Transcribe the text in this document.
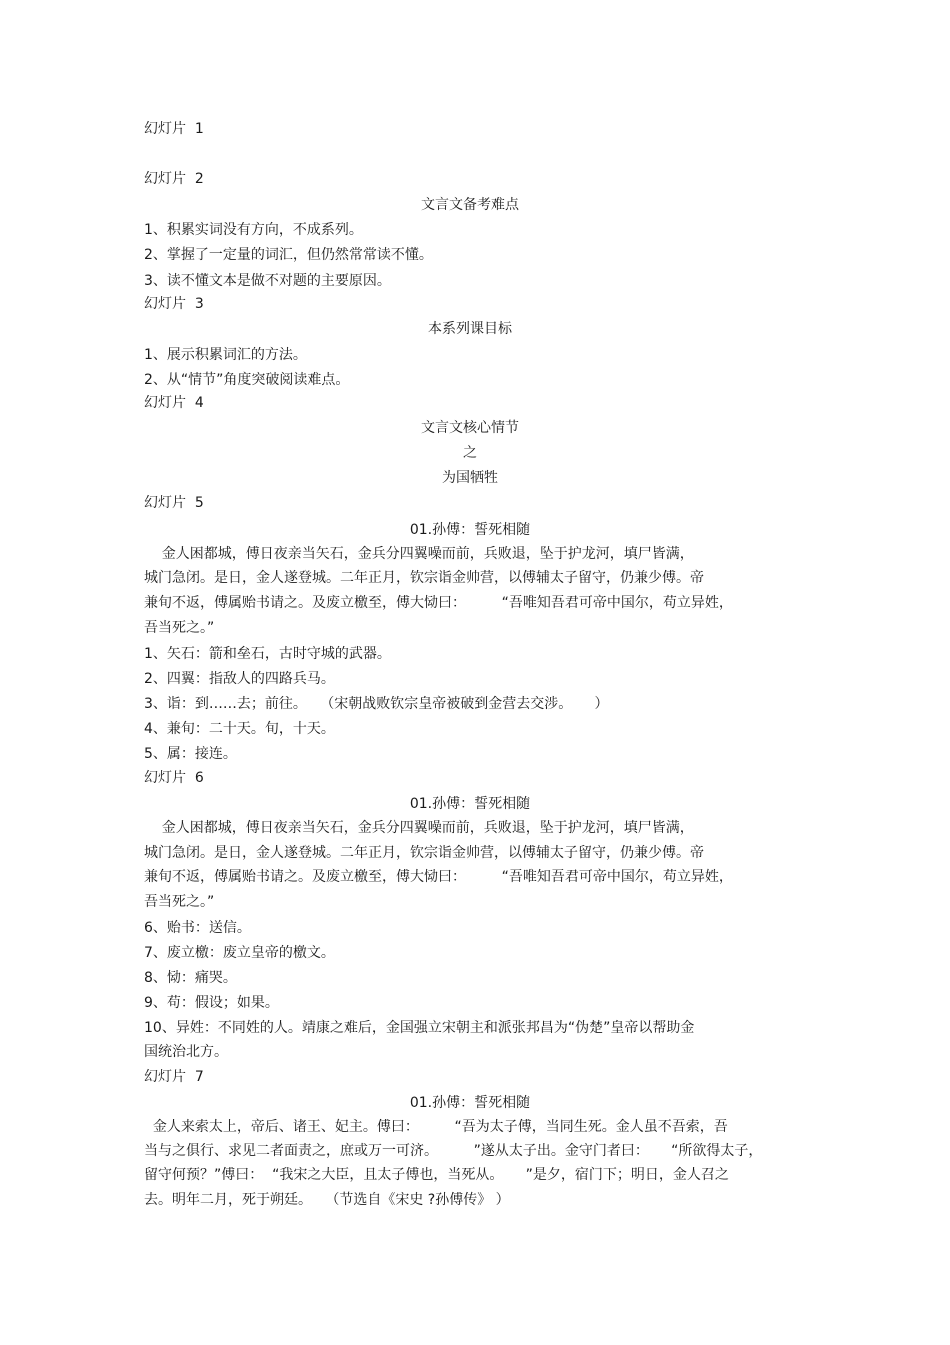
幻灯片  1
幻灯片  2
文言文备考难点
1、积累实词没有方向，不成系列。
2、掌握了一定量的词汇，但仍然常常读不懂。
3、读不懂文本是做不对题的主要原因。
幻灯片  3
本系列课目标
1、展示积累词汇的方法。
2、从“情节”角度突破阅读难点。
幻灯片  4
文言文核心情节
之
为国牺牲
幻灯片  5
01.孙傅：誓死相随
金人困都城，傅日夜亲当矢石，金兵分四翼噪而前，兵败退，坠于护龙河，填尸皆满，
城门急闭。是日，金人遂登城。二年正月，钦宗诣金帅营，以傅辅太子留守，仍兼少傅。帝
兼旬不返，傅属贻书请之。及废立檄至，傅大恸曰：        “吾唯知吾君可帝中国尔，苟立异姓，
吾当死之。”
1、矢石：箭和垒石，古时守城的武器。
2、四翼：指敌人的四路兵马。
3、诣：到……去；前往。   （宋朝战败钦宗皇帝被破到金营去交涉。     ）
4、兼旬：二十天。旬，十天。
5、属：接连。
幻灯片  6
01.孙傅：誓死相随
金人困都城，傅日夜亲当矢石，金兵分四翼噪而前，兵败退，坠于护龙河，填尸皆满，
城门急闭。是日，金人遂登城。二年正月，钦宗诣金帅营，以傅辅太子留守，仍兼少傅。帝
兼旬不返，傅属贻书请之。及废立檄至，傅大恸曰：        “吾唯知吾君可帝中国尔，苟立异姓，
吾当死之。”
6、贻书：送信。
7、废立檄：废立皇帝的檄文。
8、恸：痛哭。
9、苟：假设；如果。
10、异姓：不同姓的人。靖康之难后，金国强立宋朝主和派张邦昌为“伪楚”皇帝以帮助金
国统治北方。
幻灯片  7
01.孙傅：誓死相随
金人来索太上，帝后、诸王、妃主。傅曰：        “吾为太子傅，当同生死。金人虽不吾索，吾
当与之俱行、求见二者面责之，庶或万一可济。        ”遂从太子出。金守门者曰：     “所欲得太子，
留守何预？”傅曰：  “我宋之大臣，且太子傅也，当死从。     ”是夕，宿门下；明日，金人召之
去。明年二月，死于朔廷。   （节选自《宋史 ?孙傅传》 ）
